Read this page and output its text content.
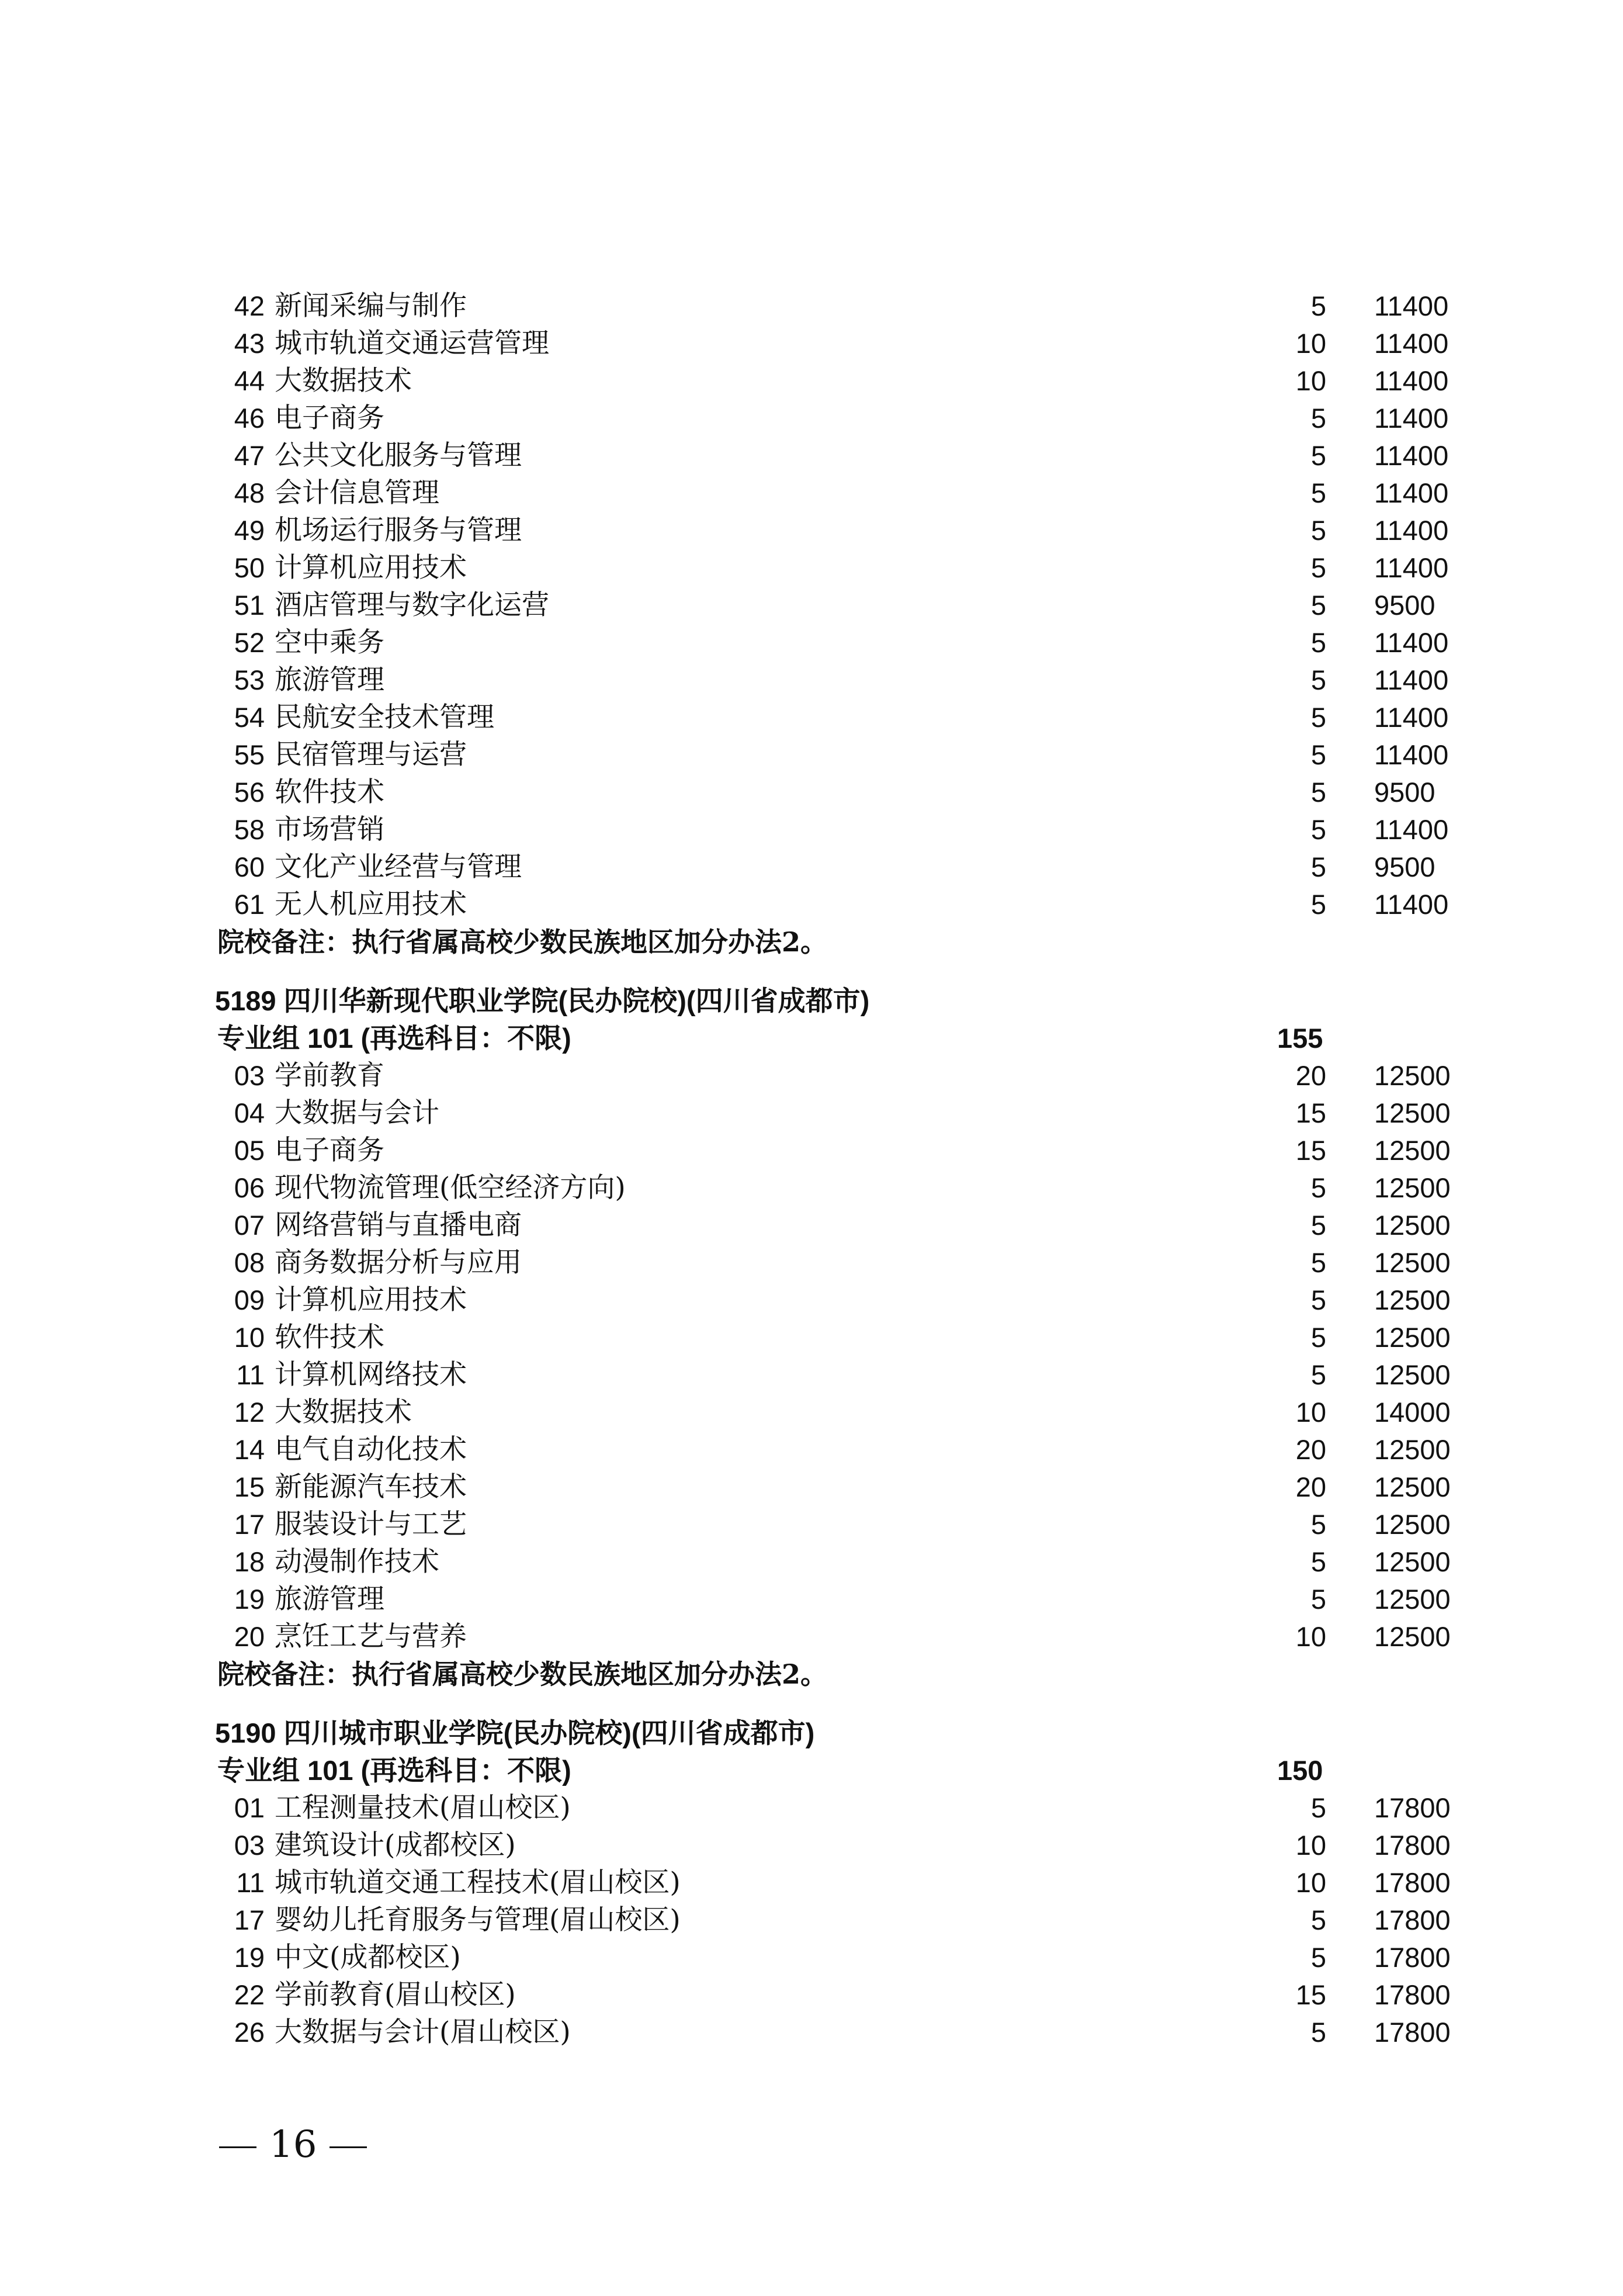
42 新闻采编与制作	5 11400
43 城市轨道交通运营管理	10 11400
44 大数据技术	10 11400
46 电子商务	5 11400
47 公共文化服务与管理	5 11400
48 会计信息管理	5 11400
49 机场运行服务与管理	5 11400
50 计算机应用技术	5 11400
51 酒店管理与数字化运营	5 9500
52 空中乘务	5 11400
53 旅游管理	5 11400
54 民航安全技术管理	5 11400
55 民宿管理与运营	5 11400
56 软件技术	5 9500
58 市场营销	5 11400
60 文化产业经营与管理	5 9500
61 无人机应用技术	5 11400
院校备注：执行省属高校少数民族地区加分办法2。
5189 四川华新现代职业学院(民办院校)(四川省成都市)
专业组 101 (再选科目：不限)	155
03 学前教育	20 12500
04 大数据与会计	15 12500
05 电子商务	15 12500
06 现代物流管理(低空经济方向)	5 12500
07 网络营销与直播电商	5 12500
08 商务数据分析与应用	5 12500
09 计算机应用技术	5 12500
10 软件技术	5 12500
11 计算机网络技术	5 12500
12 大数据技术	10 14000
14 电气自动化技术	20 12500
15 新能源汽车技术	20 12500
17 服装设计与工艺	5 12500
18 动漫制作技术	5 12500
19 旅游管理	5 12500
20 烹饪工艺与营养	10 12500
院校备注：执行省属高校少数民族地区加分办法2。
5190 四川城市职业学院(民办院校)(四川省成都市)
专业组 101 (再选科目：不限)	150
01 工程测量技术(眉山校区)	5 17800
03 建筑设计(成都校区)	10 17800
11 城市轨道交通工程技术(眉山校区)	10 17800
17 婴幼儿托育服务与管理(眉山校区)	5 17800
19 中文(成都校区)	5 17800
22 学前教育(眉山校区)	15 17800
26 大数据与会计(眉山校区)	5 17800
16
